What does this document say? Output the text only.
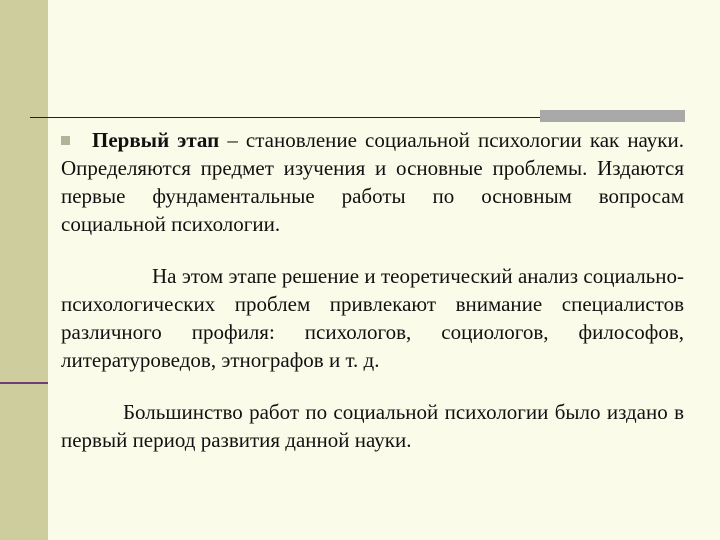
Первый этап – становление социальной психологии как науки. Определяются предмет изучения и основные проблемы. Издаются первые фундаментальные работы по основным вопросам социальной психологии.

На этом этапе решение и теоретический анализ социально-психологических проблем привлекают внимание специалистов различного профиля: психологов, социологов, философов, литературоведов, этнографов и т. д.

Большинство работ по социальной психологии было издано в первый период развития данной науки.
